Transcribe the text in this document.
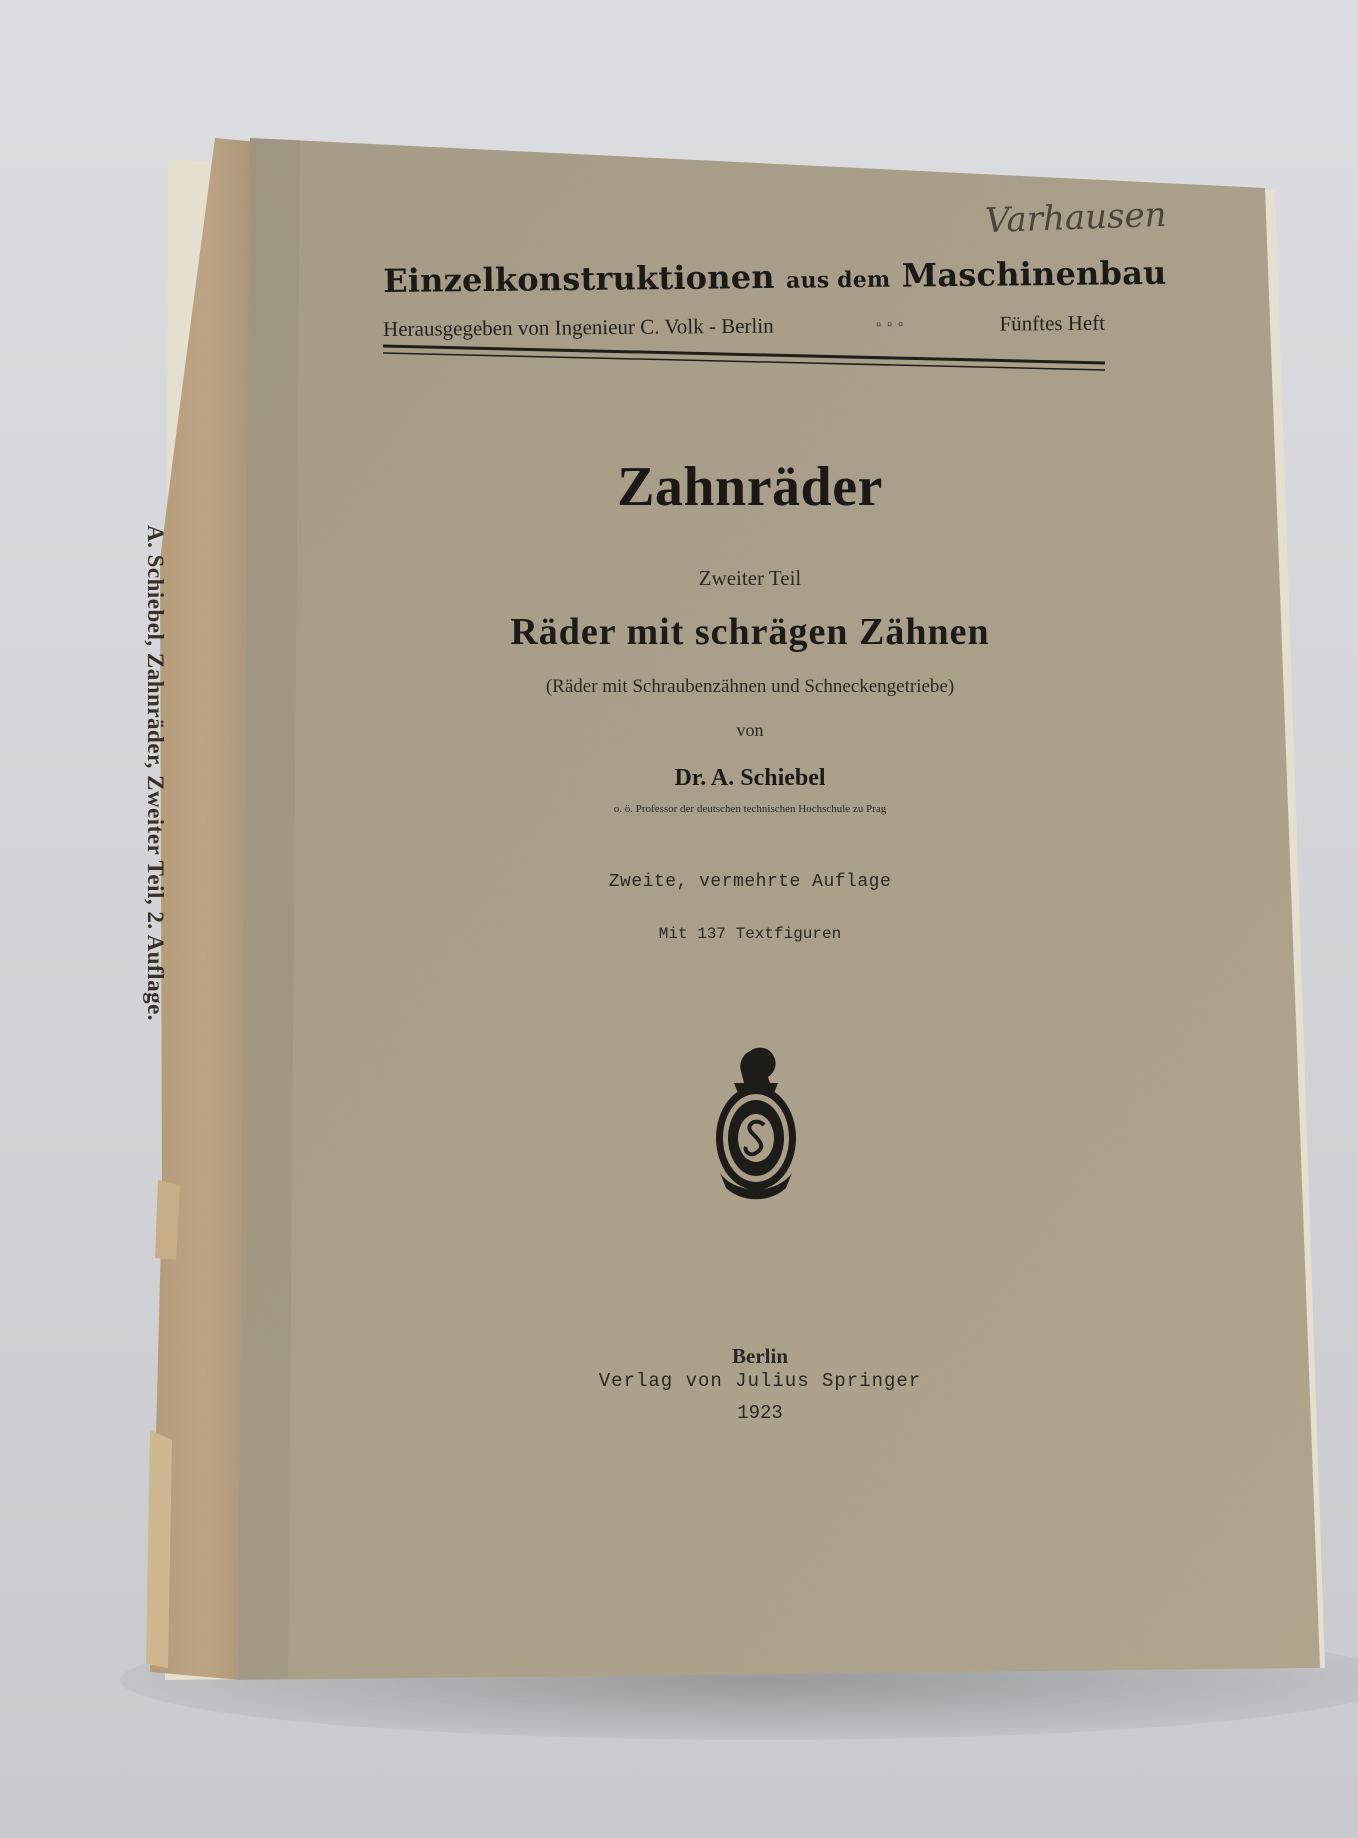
Einzelkonstruktionen aus dem Maschinenbau
Herausgegeben von Ingenieur C. Volk - Berlin	▫▫▫	Fünftes Heft
Zahnräder
Zweiter Teil
Räder mit schrägen Zähnen
(Räder mit Schraubenzähnen und Schneckengetriebe)
von
Dr. A. Schiebel
o. ö. Professor der deutschen technischen Hochschule zu Prag
Zweite, vermehrte Auflage
Mit 137 Textfiguren
Berlin
Verlag von Julius Springer
1923
A. Schiebel, Zahnräder, Zweiter Teil, 2. Auflage.
Varhausen
